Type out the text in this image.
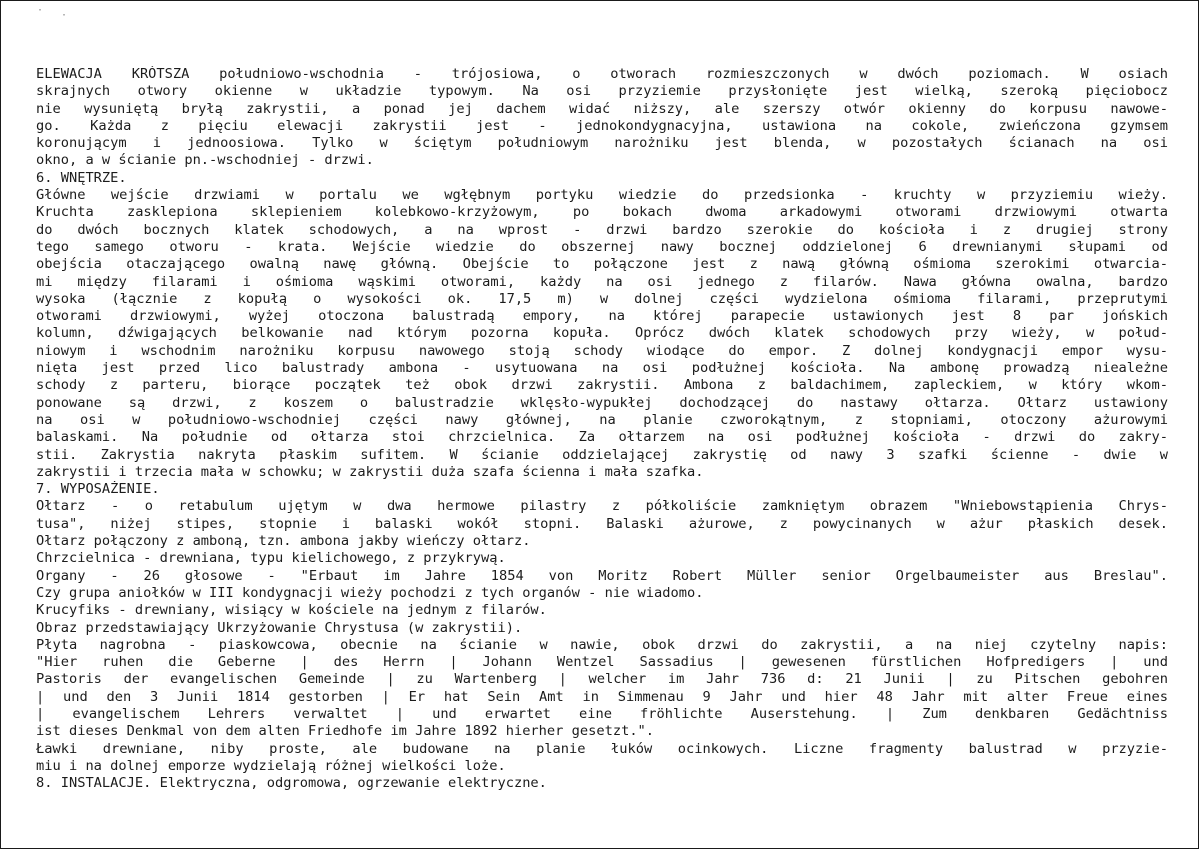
· ·
ELEWACJA KRÓTSZA południowo-wschodnia - trójosiowa, o otworach rozmieszczonych w dwóch poziomach. W osiach
skrajnych otwory okienne w układzie typowym. Na osi przyziemie przysłonięte jest wielką, szeroką pięciobocz
nie wysuniętą bryłą zakrystii, a ponad jej dachem widać niższy, ale szerszy otwór okienny do korpusu nawowe-
go. Każda z pięciu elewacji zakrystii jest - jednokondygnacyjna, ustawiona na cokole, zwieńczona gzymsem
koronującym i jednoosiowa. Tylko w ściętym południowym narożniku jest blenda, w pozostałych ścianach na osi
okno, a w ścianie pn.-wschodniej - drzwi.
6. WNĘTRZE.
Główne wejście drzwiami w portalu we wgłębnym portyku wiedzie do przedsionka - kruchty w przyziemiu wieży.
Kruchta zasklepiona sklepieniem kolebkowo-krzyżowym, po bokach dwoma arkadowymi otworami drzwiowymi otwarta
do dwóch bocznych klatek schodowych, a na wprost - drzwi bardzo szerokie do kościoła i z drugiej strony
tego samego otworu - krata. Wejście wiedzie do obszernej nawy bocznej oddzielonej 6 drewnianymi słupami od
obejścia otaczającego owalną nawę główną. Obejście to połączone jest z nawą główną ośmioma szerokimi otwarcia-
mi między filarami i ośmioma wąskimi otworami, każdy na osi jednego z filarów. Nawa główna owalna, bardzo
wysoka (łącznie z kopułą o wysokości ok. 17,5 m) w dolnej części wydzielona ośmioma filarami, przeprutymi
otworami drzwiowymi, wyżej otoczona balustradą empory, na której parapecie ustawionych jest 8 par jońskich
kolumn, dźwigających belkowanie nad którym pozorna kopuła. Oprócz dwóch klatek schodowych przy wieży, w połud-
niowym i wschodnim narożniku korpusu nawowego stoją schody wiodące do empor. Z dolnej kondygnacji empor wysu-
nięta jest przed lico balustrady ambona - usytuowana na osi podłużnej kościoła. Na ambonę prowadzą nieależne
schody z parteru, biorące początek też obok drzwi zakrystii. Ambona z baldachimem, zapleckiem, w który wkom-
ponowane są drzwi, z koszem o balustradzie wklęsło-wypukłej dochodzącej do nastawy ołtarza. Ołtarz ustawiony
na osi w południowo-wschodniej części nawy głównej, na planie czworokątnym, z stopniami, otoczony ażurowymi
balaskami. Na południe od ołtarza stoi chrzcielnica. Za ołtarzem na osi podłużnej kościoła - drzwi do zakry-
stii. Zakrystia nakryta płaskim sufitem. W ścianie oddzielającej zakrystię od nawy 3 szafki ścienne - dwie w
zakrystii i trzecia mała w schowku; w zakrystii duża szafa ścienna i mała szafka.
7. WYPOSAŻENIE.
Ołtarz - o retabulum ujętym w dwa hermowe pilastry z półkoliście zamkniętym obrazem "Wniebowstąpienia Chrys-
tusa", niżej stipes, stopnie i balaski wokół stopni. Balaski ażurowe, z powycinanych w ażur płaskich desek.
Ołtarz połączony z amboną, tzn. ambona jakby wieńczy ołtarz.
Chrzcielnica - drewniana, typu kielichowego, z przykrywą.
Organy - 26 głosowe - "Erbaut im Jahre 1854 von Moritz Robert Müller senior Orgelbaumeister aus Breslau".
Czy grupa aniołków w III kondygnacji wieży pochodzi z tych organów - nie wiadomo.
Krucyfiks - drewniany, wisiący w kościele na jednym z filarów.
Obraz przedstawiający Ukrzyżowanie Chrystusa (w zakrystii).
Płyta nagrobna - piaskowcowa, obecnie na ścianie w nawie, obok drzwi do zakrystii, a na niej czytelny napis:
"Hier ruhen die Geberne | des Herrn | Johann Wentzel Sassadius | gewesenen fürstlichen Hofpredigers | und
Pastoris der evangelischen Gemeinde | zu Wartenberg | welcher im Jahr 736 d: 21 Junii | zu Pitschen gebohren
| und den 3 Junii 1814 gestorben | Er hat Sein Amt in Simmenau 9 Jahr und hier 48 Jahr mit alter Freue eines
| evangelischem Lehrers verwaltet | und erwartet eine fröhlichte Auserstehung. | Zum denkbaren Gedächtniss
ist dieses Denkmal von dem alten Friedhofe im Jahre 1892 hierher gesetzt.".
Ławki drewniane, niby proste, ale budowane na planie łuków ocinkowych. Liczne fragmenty balustrad w przyzie-
miu i na dolnej emporze wydzielają różnej wielkości loże.
8. INSTALACJE. Elektryczna, odgromowa, ogrzewanie elektryczne.
